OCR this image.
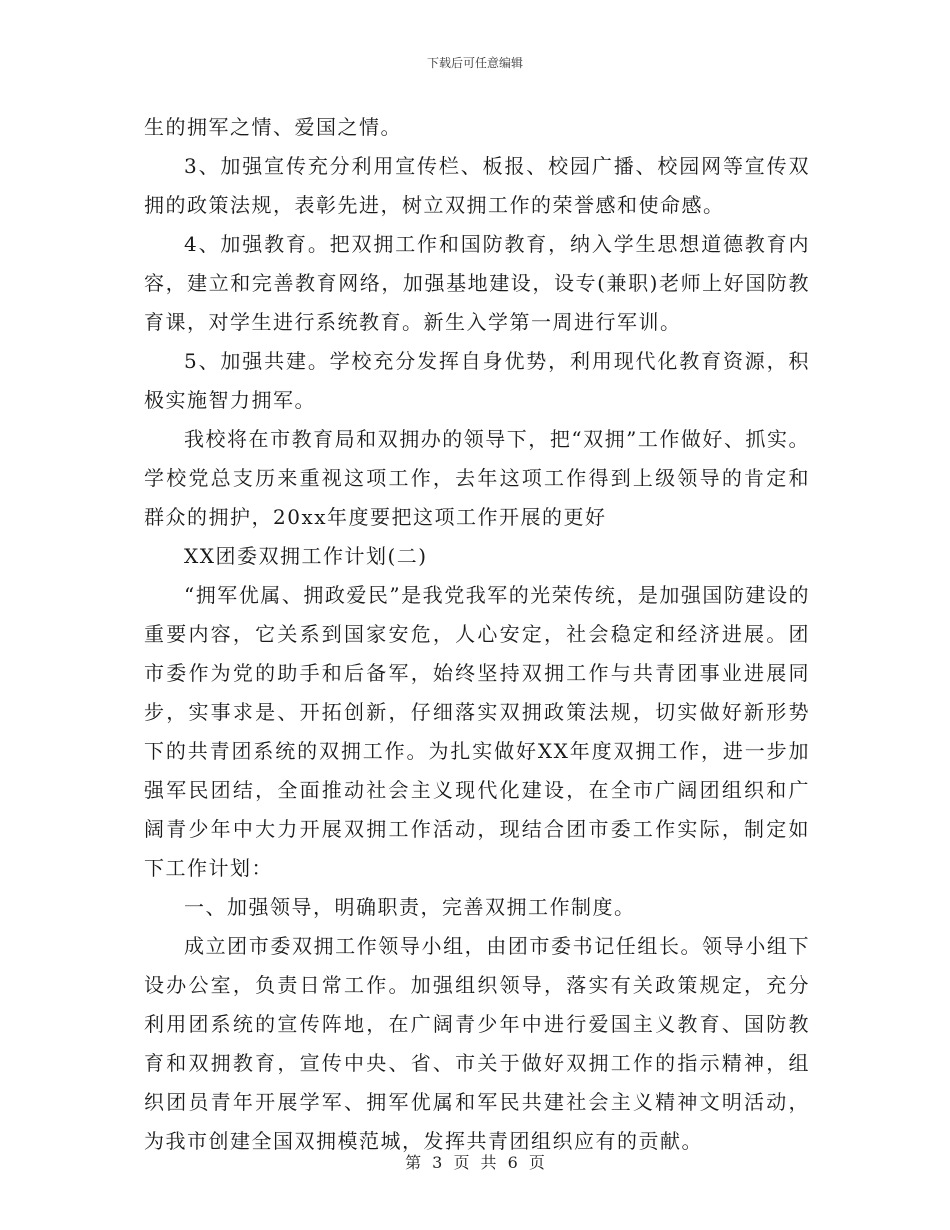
下载后可任意编辑

生的拥军之情、爱国之情。

3、加强宣传充分利用宣传栏、板报、校园广播、校园网等宣传双拥的政策法规，表彰先进，树立双拥工作的荣誉感和使命感。

4、加强教育。把双拥工作和国防教育，纳入学生思想道德教育内容，建立和完善教育网络，加强基地建设，设专(兼职)老师上好国防教育课，对学生进行系统教育。新生入学第一周进行军训。

5、加强共建。学校充分发挥自身优势，利用现代化教育资源，积极实施智力拥军。

我校将在市教育局和双拥办的领导下，把“双拥”工作做好、抓实。学校党总支历来重视这项工作，去年这项工作得到上级领导的肯定和群众的拥护，20xx年度要把这项工作开展的更好

XX团委双拥工作计划(二)

“拥军优属、拥政爱民”是我党我军的光荣传统，是加强国防建设的重要内容，它关系到国家安危，人心安定，社会稳定和经济进展。团市委作为党的助手和后备军，始终坚持双拥工作与共青团事业进展同步，实事求是、开拓创新，仔细落实双拥政策法规，切实做好新形势下的共青团系统的双拥工作。为扎实做好XX年度双拥工作，进一步加强军民团结，全面推动社会主义现代化建设，在全市广阔团组织和广阔青少年中大力开展双拥工作活动，现结合团市委工作实际，制定如下工作计划：

一、加强领导，明确职责，完善双拥工作制度。

成立团市委双拥工作领导小组，由团市委书记任组长。领导小组下设办公室，负责日常工作。加强组织领导，落实有关政策规定，充分利用团系统的宣传阵地，在广阔青少年中进行爱国主义教育、国防教育和双拥教育，宣传中央、省、市关于做好双拥工作的指示精神，组织团员青年开展学军、拥军优属和军民共建社会主义精神文明活动，为我市创建全国双拥模范城，发挥共青团组织应有的贡献。

第 3 页 共 6 页
